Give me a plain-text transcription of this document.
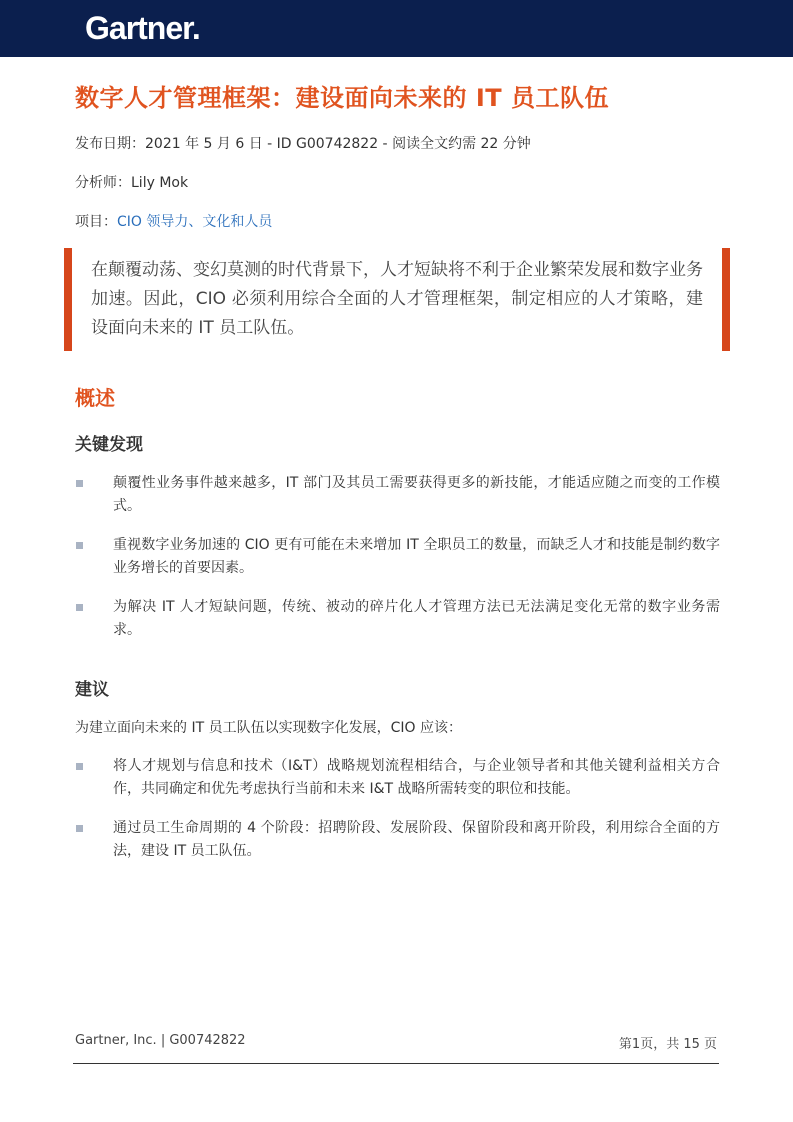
Gartner.
数字人才管理框架：建设面向未来的 IT 员工队伍
发布日期：2021 年 5 月 6 日 - ID G00742822 - 阅读全文约需 22 分钟
分析师：Lily Mok
项目：CIO 领导力、文化和人员

在颠覆动荡、变幻莫测的时代背景下，人才短缺将不利于企业繁荣发展和数字业务加速。因此，CIO 必须利用综合全面的人才管理框架，制定相应的人才策略，建设面向未来的 IT 员工队伍。

概述
关键发现
颠覆性业务事件越来越多，IT 部门及其员工需要获得更多的新技能，才能适应随之而变的工作模式。
重视数字业务加速的 CIO 更有可能在未来增加 IT 全职员工的数量，而缺乏人才和技能是制约数字业务增长的首要因素。
为解决 IT 人才短缺问题，传统、被动的碎片化人才管理方法已无法满足变化无常的数字业务需求。
建议

为建立面向未来的 IT 员工队伍以实现数字化发展，CIO 应该：

将人才规划与信息和技术（I&T）战略规划流程相结合，与企业领导者和其他关键利益相关方合作，共同确定和优先考虑执行当前和未来 I&T 战略所需转变的职位和技能。
通过员工生命周期的 4 个阶段：招聘阶段、发展阶段、保留阶段和离开阶段，利用综合全面的方法，建设 IT 员工队伍。
Gartner, Inc. | G00742822	第1页，共 15 页
